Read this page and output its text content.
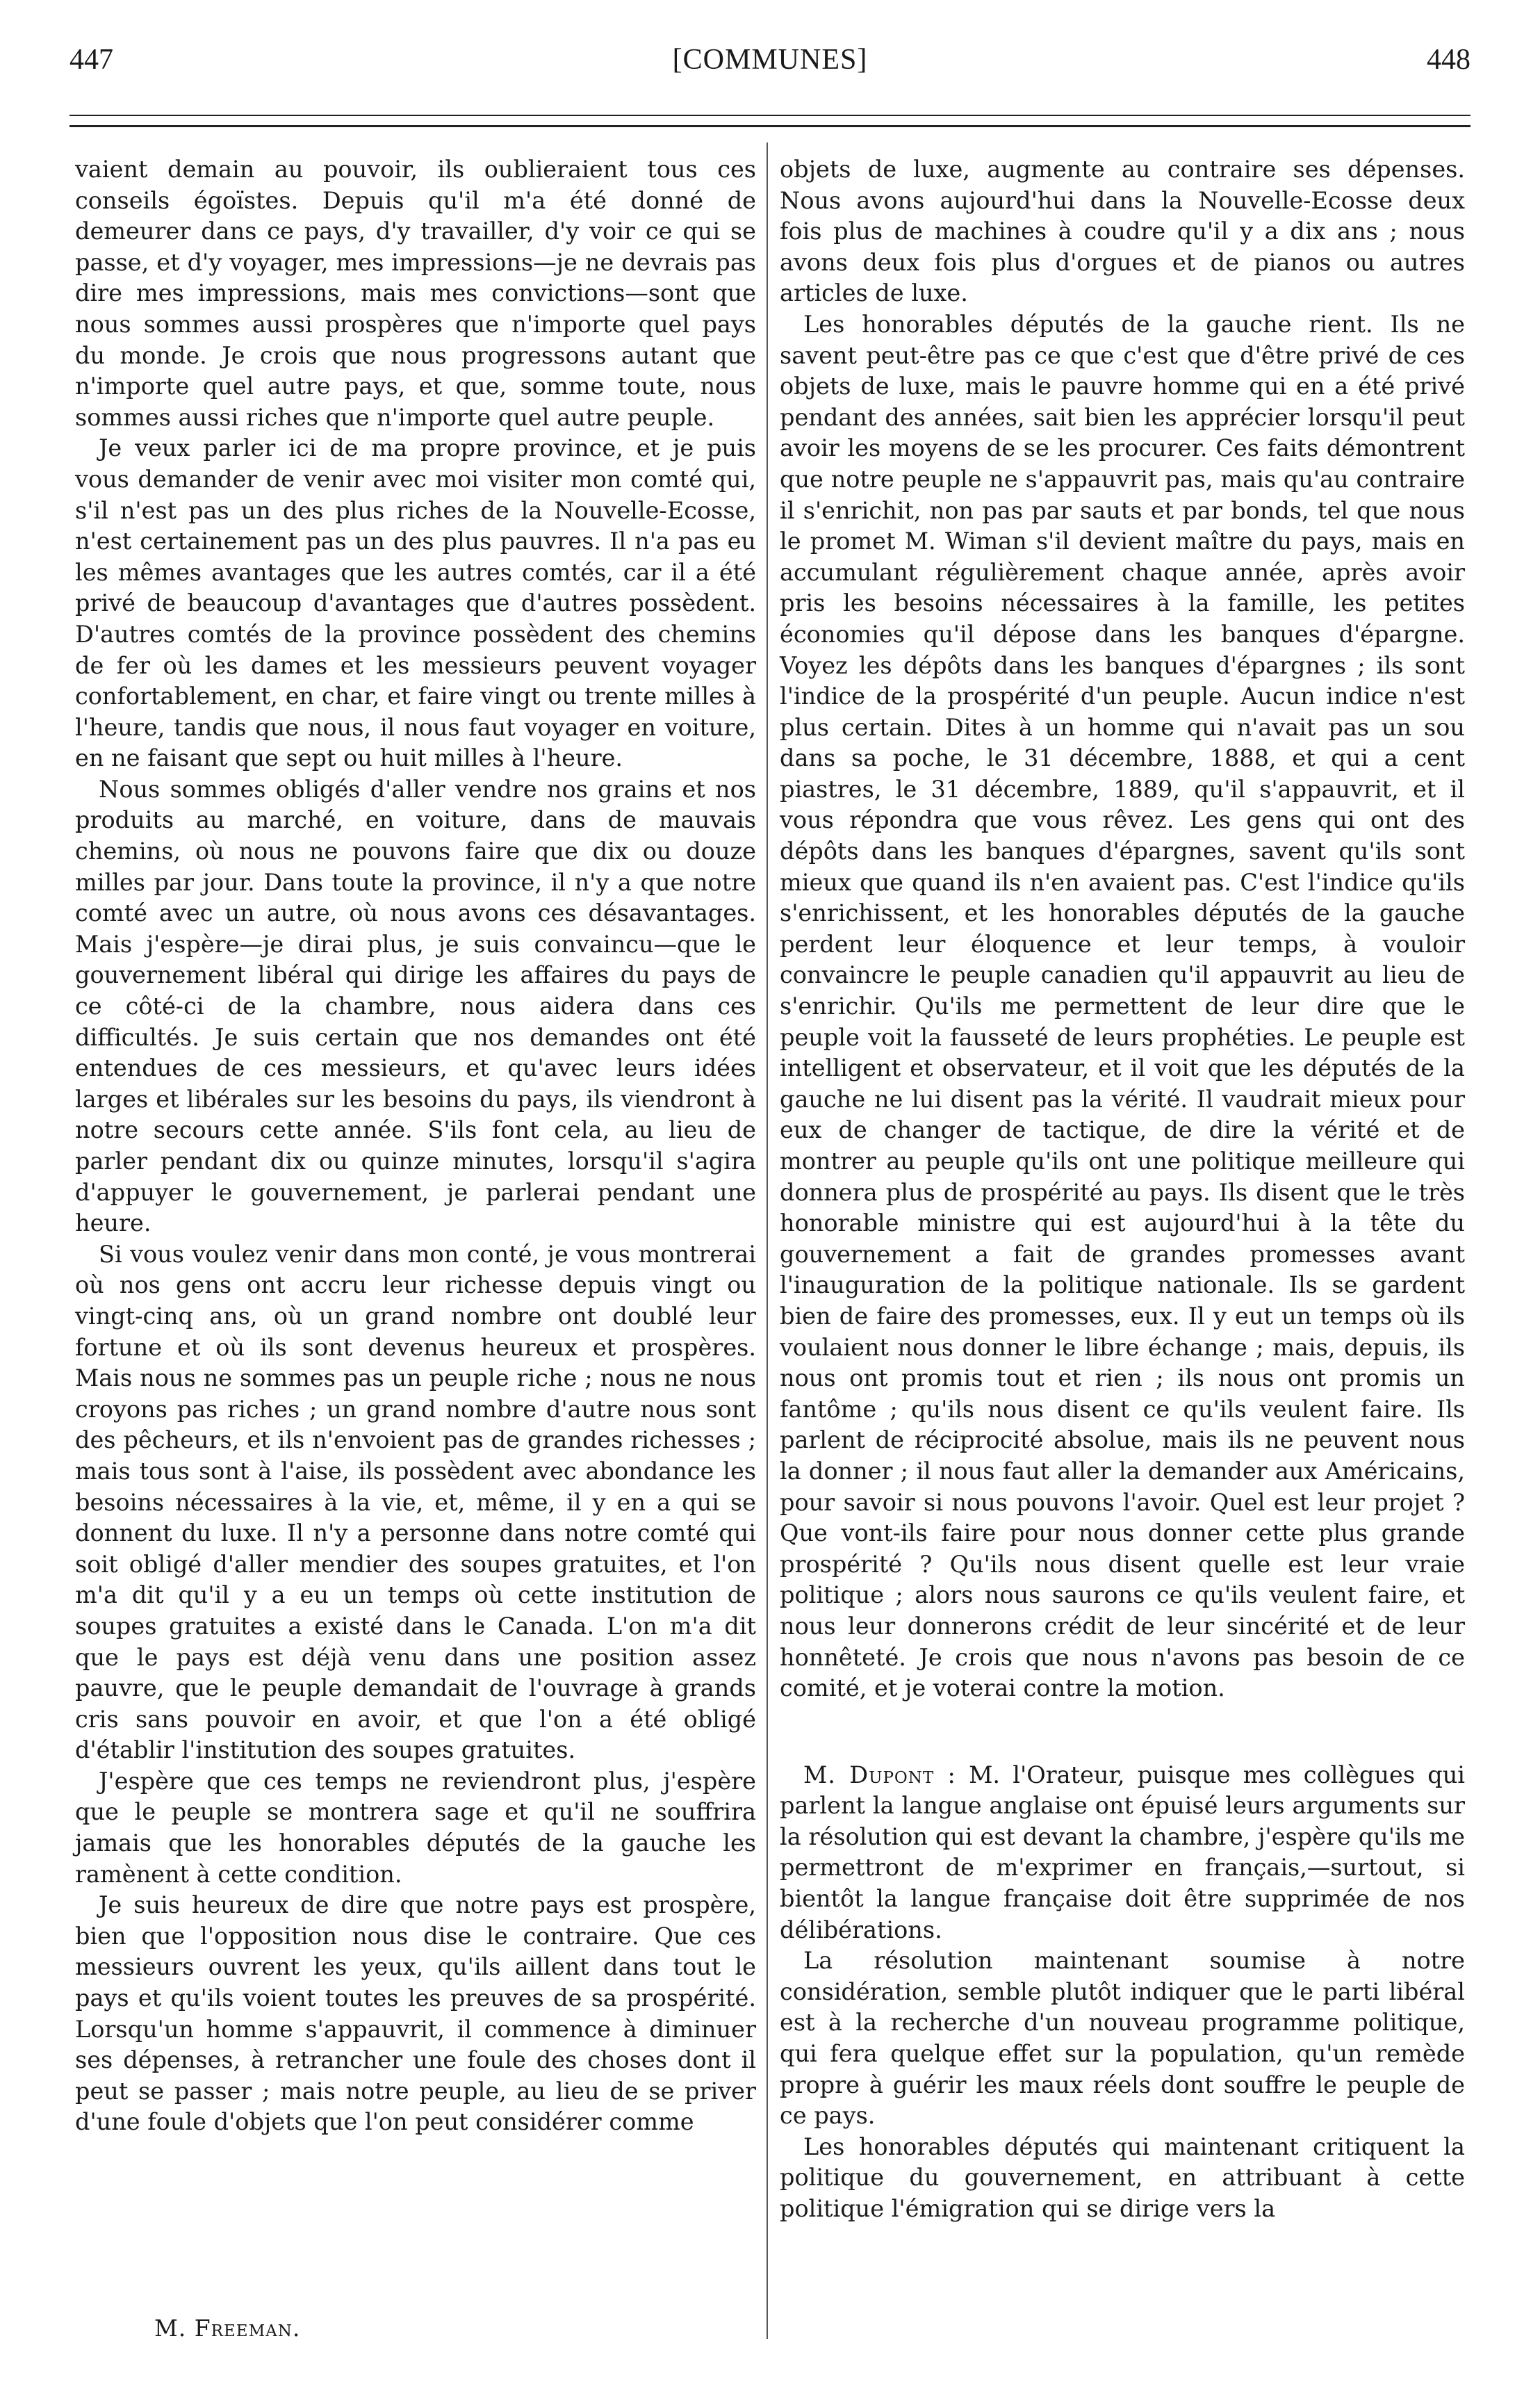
447	[COMMUNES]	448

vaient demain au pouvoir, ils oublieraient tous ces conseils égoïstes. Depuis qu'il m'a été donné de demeurer dans ce pays, d'y travailler, d'y voir ce qui se passe, et d'y voyager, mes impressions—je ne devrais pas dire mes impressions, mais mes convictions—sont que nous sommes aussi prospères que n'importe quel pays du monde. Je crois que nous progressons autant que n'importe quel autre pays, et que, somme toute, nous sommes aussi riches que n'importe quel autre peuple.

Je veux parler ici de ma propre province, et je puis vous demander de venir avec moi visiter mon comté qui, s'il n'est pas un des plus riches de la Nouvelle-Ecosse, n'est certainement pas un des plus pauvres. Il n'a pas eu les mêmes avantages que les autres comtés, car il a été privé de beaucoup d'avantages que d'autres possèdent. D'autres comtés de la province possèdent des chemins de fer où les dames et les messieurs peuvent voyager confortablement, en char, et faire vingt ou trente milles à l'heure, tandis que nous, il nous faut voyager en voiture, en ne faisant que sept ou huit milles à l'heure.

Nous sommes obligés d'aller vendre nos grains et nos produits au marché, en voiture, dans de mauvais chemins, où nous ne pouvons faire que dix ou douze milles par jour. Dans toute la province, il n'y a que notre comté avec un autre, où nous avons ces désavantages. Mais j'espère—je dirai plus, je suis convaincu—que le gouvernement libéral qui dirige les affaires du pays de ce côté-ci de la chambre, nous aidera dans ces difficultés. Je suis certain que nos demandes ont été entendues de ces messieurs, et qu'avec leurs idées larges et libérales sur les besoins du pays, ils viendront à notre secours cette année. S'ils font cela, au lieu de parler pendant dix ou quinze minutes, lorsqu'il s'agira d'appuyer le gouvernement, je parlerai pendant une heure.

Si vous voulez venir dans mon conté, je vous montrerai où nos gens ont accru leur richesse depuis vingt ou vingt-cinq ans, où un grand nombre ont doublé leur fortune et où ils sont devenus heureux et prospères. Mais nous ne sommes pas un peuple riche ; nous ne nous croyons pas riches ; un grand nombre d'autre nous sont des pêcheurs, et ils n'envoient pas de grandes richesses ; mais tous sont à l'aise, ils possèdent avec abondance les besoins nécessaires à la vie, et, même, il y en a qui se donnent du luxe. Il n'y a personne dans notre comté qui soit obligé d'aller mendier des soupes gratuites, et l'on m'a dit qu'il y a eu un temps où cette institution de soupes gratuites a existé dans le Canada. L'on m'a dit que le pays est déjà venu dans une position assez pauvre, que le peuple demandait de l'ouvrage à grands cris sans pouvoir en avoir, et que l'on a été obligé d'établir l'institution des soupes gratuites.

J'espère que ces temps ne reviendront plus, j'espère que le peuple se montrera sage et qu'il ne souffrira jamais que les honorables députés de la gauche les ramènent à cette condition.

Je suis heureux de dire que notre pays est prospère, bien que l'opposition nous dise le contraire. Que ces messieurs ouvrent les yeux, qu'ils aillent dans tout le pays et qu'ils voient toutes les preuves de sa prospérité. Lorsqu'un homme s'appauvrit, il commence à diminuer ses dépenses, à retrancher une foule des choses dont il peut se passer ; mais notre peuple, au lieu de se priver d'une foule d'objets que l'on peut considérer comme

M. Freeman.

objets de luxe, augmente au contraire ses dépenses. Nous avons aujourd'hui dans la Nouvelle-Ecosse deux fois plus de machines à coudre qu'il y a dix ans ; nous avons deux fois plus d'orgues et de pianos ou autres articles de luxe.

Les honorables députés de la gauche rient. Ils ne savent peut-être pas ce que c'est que d'être privé de ces objets de luxe, mais le pauvre homme qui en a été privé pendant des années, sait bien les apprécier lorsqu'il peut avoir les moyens de se les procurer. Ces faits démontrent que notre peuple ne s'appauvrit pas, mais qu'au contraire il s'enrichit, non pas par sauts et par bonds, tel que nous le promet M. Wiman s'il devient maître du pays, mais en accumulant régulièrement chaque année, après avoir pris les besoins nécessaires à la famille, les petites économies qu'il dépose dans les banques d'épargne. Voyez les dépôts dans les banques d'épargnes ; ils sont l'indice de la prospérité d'un peuple. Aucun indice n'est plus certain. Dites à un homme qui n'avait pas un sou dans sa poche, le 31 décembre, 1888, et qui a cent piastres, le 31 décembre, 1889, qu'il s'appauvrit, et il vous répondra que vous rêvez. Les gens qui ont des dépôts dans les banques d'épargnes, savent qu'ils sont mieux que quand ils n'en avaient pas. C'est l'indice qu'ils s'enrichissent, et les honorables députés de la gauche perdent leur éloquence et leur temps, à vouloir convaincre le peuple canadien qu'il appauvrit au lieu de s'enrichir. Qu'ils me permettent de leur dire que le peuple voit la fausseté de leurs prophéties. Le peuple est intelligent et observateur, et il voit que les députés de la gauche ne lui disent pas la vérité. Il vaudrait mieux pour eux de changer de tactique, de dire la vérité et de montrer au peuple qu'ils ont une politique meilleure qui donnera plus de prospérité au pays. Ils disent que le très honorable ministre qui est aujourd'hui à la tête du gouvernement a fait de grandes promesses avant l'inauguration de la politique nationale. Ils se gardent bien de faire des promesses, eux. Il y eut un temps où ils voulaient nous donner le libre échange ; mais, depuis, ils nous ont promis tout et rien ; ils nous ont promis un fantôme ; qu'ils nous disent ce qu'ils veulent faire. Ils parlent de réciprocité absolue, mais ils ne peuvent nous la donner ; il nous faut aller la demander aux Américains, pour savoir si nous pouvons l'avoir. Quel est leur projet ? Que vont-ils faire pour nous donner cette plus grande prospérité ? Qu'ils nous disent quelle est leur vraie politique ; alors nous saurons ce qu'ils veulent faire, et nous leur donnerons crédit de leur sincérité et de leur honnêteté. Je crois que nous n'avons pas besoin de ce comité, et je voterai contre la motion.

M. Dupont : M. l'Orateur, puisque mes collègues qui parlent la langue anglaise ont épuisé leurs arguments sur la résolution qui est devant la chambre, j'espère qu'ils me permettront de m'exprimer en français,—surtout, si bientôt la langue française doit être supprimée de nos délibérations.

La résolution maintenant soumise à notre considération, semble plutôt indiquer que le parti libéral est à la recherche d'un nouveau programme politique, qui fera quelque effet sur la population, qu'un remède propre à guérir les maux réels dont souffre le peuple de ce pays.

Les honorables députés qui maintenant critiquent la politique du gouvernement, en attribuant à cette politique l'émigration qui se dirige vers la
